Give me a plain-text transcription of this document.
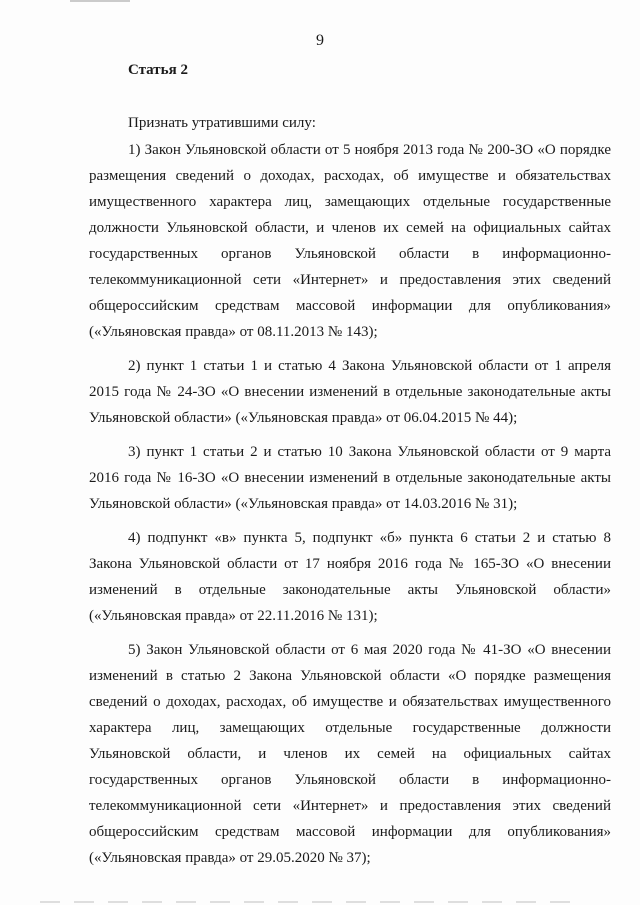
9
Статья 2

Признать утратившими силу:

1) Закон Ульяновской области от 5 ноября 2013 года № 200-ЗО «О порядке размещения сведений о доходах, расходах, об имуществе и обязательствах имущественного характера лиц, замещающих отдельные государственные должности Ульяновской области, и членов их семей на официальных сайтах государственных органов Ульяновской области в информационно-телекоммуникационной сети «Интернет» и предоставления этих сведений общероссийским средствам массовой информации для опубликования» («Ульяновская правда» от 08.11.2013 № 143);

2) пункт 1 статьи 1 и статью 4 Закона Ульяновской области от 1 апреля 2015 года № 24-ЗО «О внесении изменений в отдельные законодательные акты Ульяновской области» («Ульяновская правда» от 06.04.2015 № 44);

3) пункт 1 статьи 2 и статью 10 Закона Ульяновской области от 9 марта 2016 года № 16-ЗО «О внесении изменений в отдельные законодательные акты Ульяновской области» («Ульяновская правда» от 14.03.2016 № 31);

4) подпункт «в» пункта 5, подпункт «б» пункта 6 статьи 2 и статью 8 Закона Ульяновской области от 17 ноября 2016 года № 165-ЗО «О внесении изменений в отдельные законодательные акты Ульяновской области» («Ульяновская правда» от 22.11.2016 № 131);

5) Закон Ульяновской области от 6 мая 2020 года № 41-ЗО «О внесении изменений в статью 2 Закона Ульяновской области «О порядке размещения сведений о доходах, расходах, об имуществе и обязательствах имущественного характера лиц, замещающих отдельные государственные должности Ульяновской области, и членов их семей на официальных сайтах государственных органов Ульяновской области в информационно-телекоммуникационной сети «Интернет» и предоставления этих сведений общероссийским средствам массовой информации для опубликования» («Ульяновская правда» от 29.05.2020 № 37);
